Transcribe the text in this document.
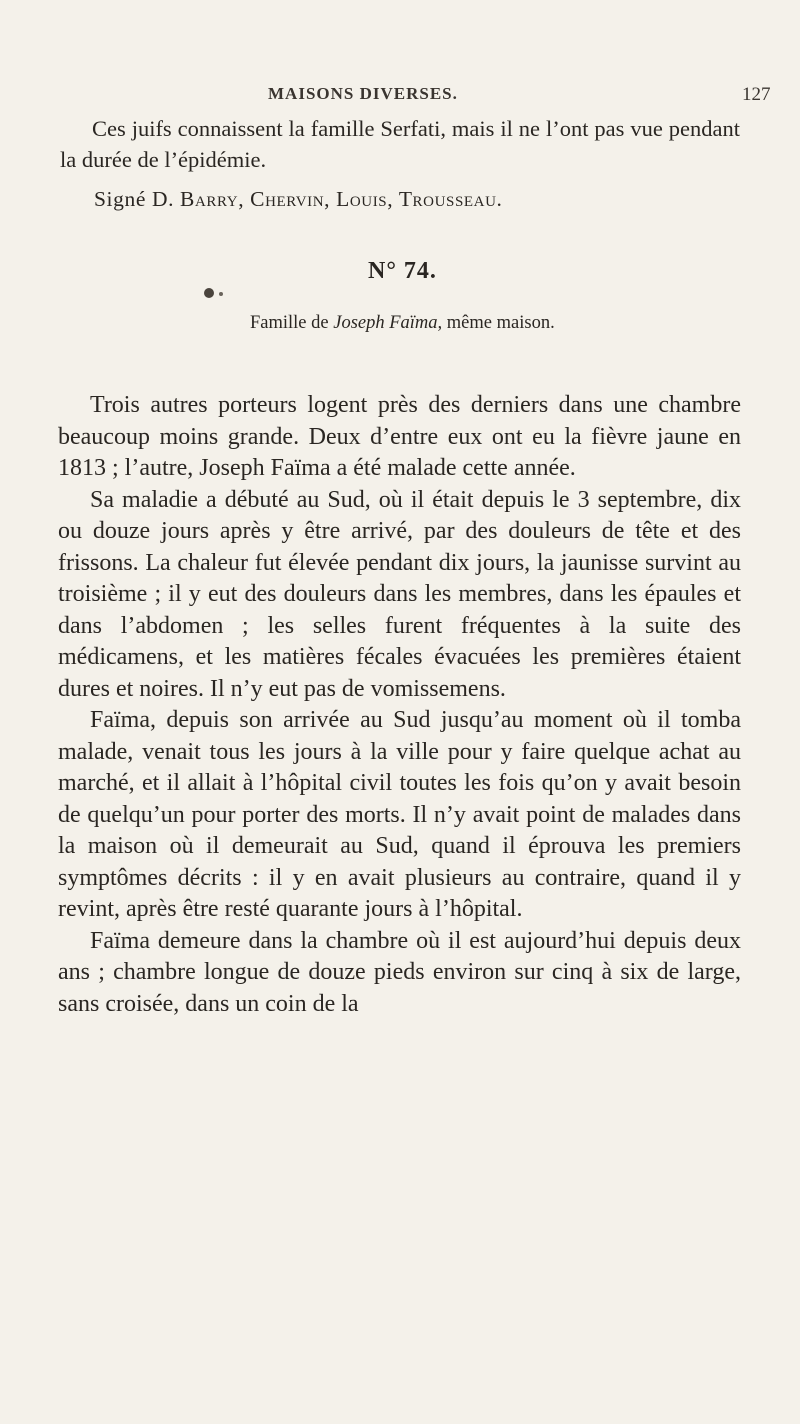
MAISONS DIVERSES.	127
Ces juifs connaissent la famille Serfati, mais il ne l’ont pas vue pendant la durée de l’épidémie.
Signé D. Barry, Chervin, Louis, Trousseau.
N° 74.
Famille de Joseph Faïma, même maison.

Trois autres porteurs logent près des derniers dans une chambre beaucoup moins grande. Deux d’entre eux ont eu la fièvre jaune en 1813 ; l’autre, Joseph Faïma a été malade cette année.

Sa maladie a débuté au Sud, où il était depuis le 3 septembre, dix ou douze jours après y être arrivé, par des douleurs de tête et des frissons. La chaleur fut élevée pendant dix jours, la jaunisse survint au troisième ; il y eut des douleurs dans les membres, dans les épaules et dans l’abdomen ; les selles furent fréquentes à la suite des médicamens, et les matières fécales évacuées les premières étaient dures et noires. Il n’y eut pas de vomissemens.

Faïma, depuis son arrivée au Sud jusqu’au moment où il tomba malade, venait tous les jours à la ville pour y faire quelque achat au marché, et il allait à l’hôpital civil toutes les fois qu’on y avait besoin de quelqu’un pour porter des morts. Il n’y avait point de malades dans la maison où il demeurait au Sud, quand il éprouva les premiers symptômes décrits : il y en avait plusieurs au contraire, quand il y revint, après être resté quarante jours à l’hôpital.

Faïma demeure dans la chambre où il est aujourd’hui depuis deux ans ; chambre longue de douze pieds environ sur cinq à six de large, sans croisée, dans un coin de la
